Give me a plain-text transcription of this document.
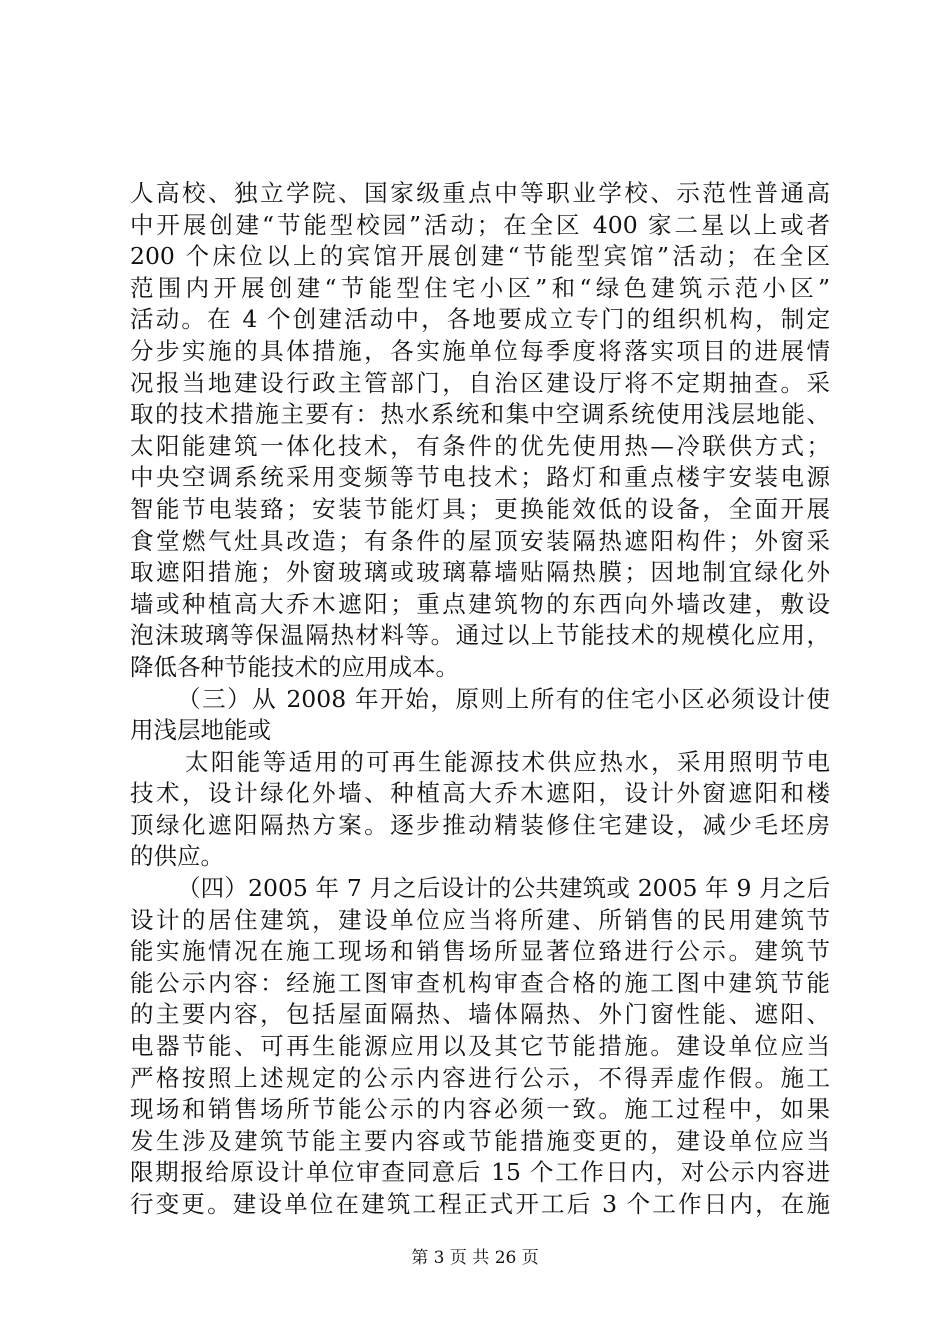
人高校、独立学院、国家级重点中等职业学校、示范性普通高
中开展创建“节能型校园”活动；在全区 400 家二星以上或者
200 个床位以上的宾馆开展创建“节能型宾馆”活动；在全区
范围内开展创建“节能型住宅小区”和“绿色建筑示范小区”
活动。在 4 个创建活动中，各地要成立专门的组织机构，制定
分步实施的具体措施，各实施单位每季度将落实项目的进展情
况报当地建设行政主管部门，自治区建设厅将不定期抽查。采
取的技术措施主要有：热水系统和集中空调系统使用浅层地能、
太阳能建筑一体化技术，有条件的优先使用热—冷联供方式；
中央空调系统采用变频等节电技术；路灯和重点楼宇安装电源
智能节电装臵；安装节能灯具；更换能效低的设备，全面开展
食堂燃气灶具改造；有条件的屋顶安装隔热遮阳构件；外窗采
取遮阳措施；外窗玻璃或玻璃幕墙贴隔热膜；因地制宜绿化外
墙或种植高大乔木遮阳；重点建筑物的东西向外墙改建，敷设
泡沫玻璃等保温隔热材料等。通过以上节能技术的规模化应用，
降低各种节能技术的应用成本。
（三）从 2008 年开始，原则上所有的住宅小区必须设计使
用浅层地能或
太阳能等适用的可再生能源技术供应热水，采用照明节电
技术，设计绿化外墙、种植高大乔木遮阳，设计外窗遮阳和楼
顶绿化遮阳隔热方案。逐步推动精装修住宅建设，减少毛坯房
的供应。
（四）2005 年 7 月之后设计的公共建筑或 2005 年 9 月之后
设计的居住建筑，建设单位应当将所建、所销售的民用建筑节
能实施情况在施工现场和销售场所显著位臵进行公示。建筑节
能公示内容：经施工图审查机构审查合格的施工图中建筑节能
的主要内容，包括屋面隔热、墙体隔热、外门窗性能、遮阳、
电器节能、可再生能源应用以及其它节能措施。建设单位应当
严格按照上述规定的公示内容进行公示，不得弄虚作假。施工
现场和销售场所节能公示的内容必须一致。施工过程中，如果
发生涉及建筑节能主要内容或节能措施变更的，建设单位应当
限期报给原设计单位审查同意后 15 个工作日内，对公示内容进
行变更。建设单位在建筑工程正式开工后 3 个工作日内，在施
第 3 页 共 26 页
